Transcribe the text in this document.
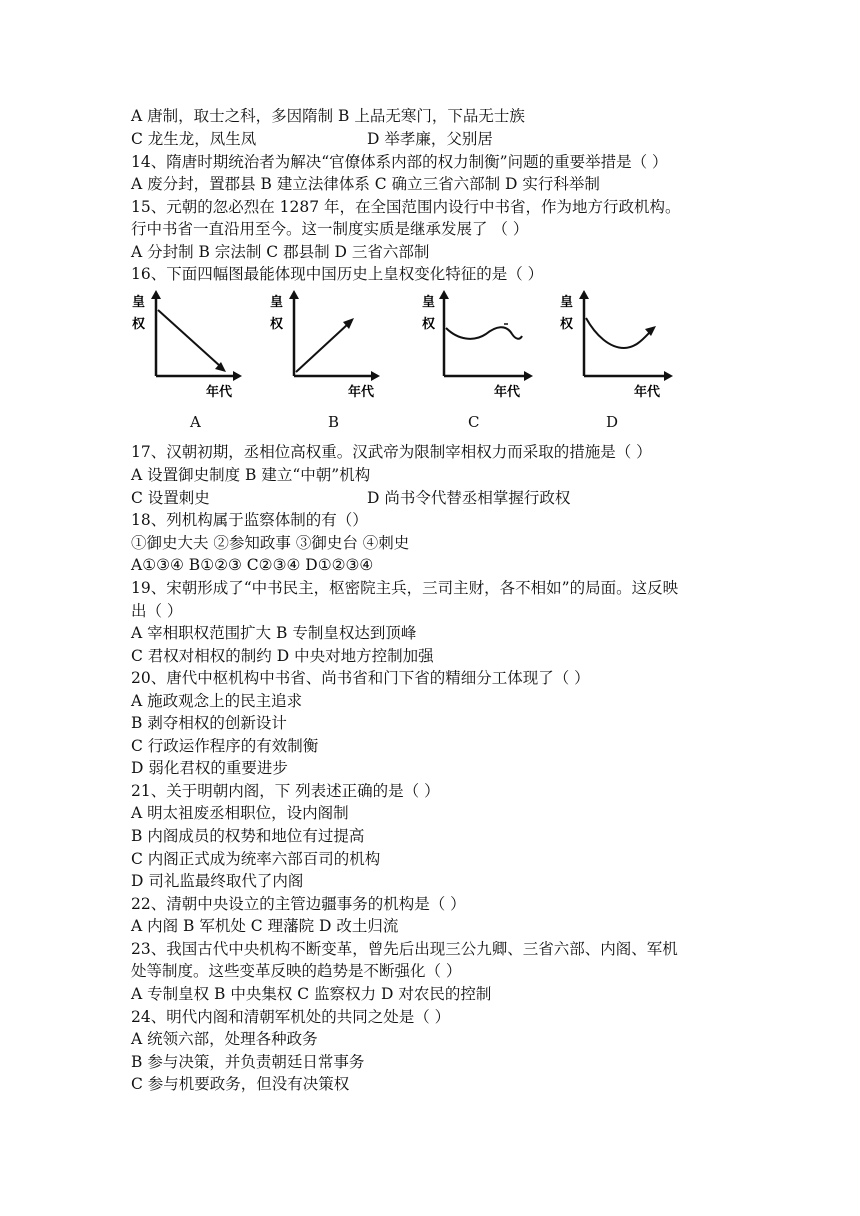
A 唐制，取士之科，多因隋制 B 上品无寒门，下品无士族
C 龙生龙，凤生凤	D 举孝廉，父别居
14、隋唐时期统治者为解决“官僚体系内部的权力制衡”问题的重要举措是（ ）
A 废分封，置郡县 B 建立法律体系 C 确立三省六部制 D 实行科举制
15、元朝的忽必烈在 1287 年，在全国范围内设行中书省，作为地方行政机构。
行中书省一直沿用至今。这一制度实质是继承发展了 （ ）
A 分封制 B 宗法制 C 郡县制 D 三省六部制
16、下面四幅图最能体现中国历史上皇权变化特征的是（ ）
17、汉朝初期，丞相位高权重。汉武帝为限制宰相权力而采取的措施是（ ）
A 设置御史制度 B 建立“中朝”机构
C 设置刺史	D 尚书令代替丞相掌握行政权
18、列机构属于监察体制的有（）
①御史大夫 ②参知政事 ③御史台 ④刺史
A①③④ B①②③ C②③④ D①②③④
19、宋朝形成了“中书民主，枢密院主兵，三司主财，各不相如”的局面。这反映
出（ ）
A 宰相职权范围扩大 B 专制皇权达到顶峰
C 君权对相权的制约 D 中央对地方控制加强
20、唐代中枢机构中书省、尚书省和门下省的精细分工体现了（ ）
A 施政观念上的民主追求
B 剥夺相权的创新设计
C 行政运作程序的有效制衡
D 弱化君权的重要进步
21、关于明朝内阁，下 列表述正确的是（ ）
A 明太祖废丞相职位，设内阁制
B 内阁成员的权势和地位有过提高
C 内阁正式成为统率六部百司的机构
D 司礼监最终取代了内阁
22、清朝中央设立的主管边疆事务的机构是（ ）
A 内阁 B 军机处 C 理藩院 D 改土归流
23、我国古代中央机构不断变革，曾先后出现三公九卿、三省六部、内阁、军机
处等制度。这些变革反映的趋势是不断强化（ ）
A 专制皇权 B 中央集权 C 监察权力 D 对农民的控制
24、明代内阁和清朝军机处的共同之处是（ ）
A 统领六部，处理各种政务
B 参与决策，并负责朝廷日常事务
C 参与机要政务，但没有决策权
皇
权
年代
A
皇
权
年代
B
皇
权
年代
C
皇
权
年代
D
